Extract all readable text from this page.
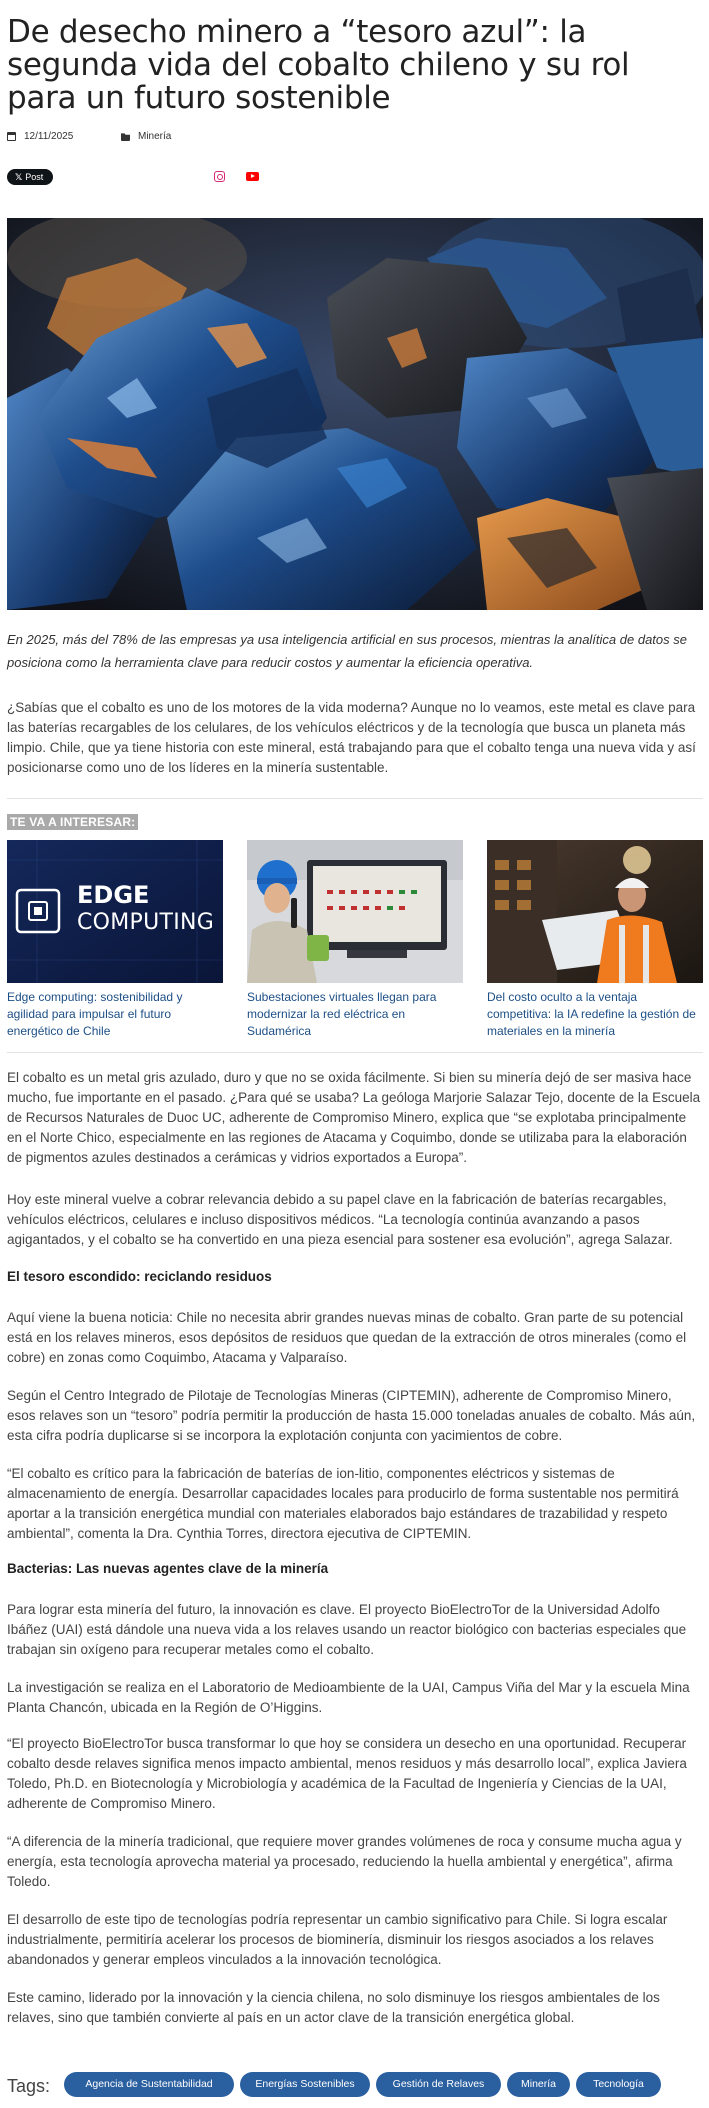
De desecho minero a “tesoro azul”: la segunda vida del cobalto chileno y su rol para un futuro sostenible
12/11/2025	Minería
𝕏 Post

En 2025, más del 78% de las empresas ya usa inteligencia artificial en sus procesos, mientras la analítica de datos se posiciona como la herramienta clave para reducir costos y aumentar la eficiencia operativa.

¿Sabías que el cobalto es uno de los motores de la vida moderna? Aunque no lo veamos, este metal es clave para las baterías recargables de los celulares, de los vehículos eléctricos y de la tecnología que busca un planeta más limpio. Chile, que ya tiene historia con este mineral, está trabajando para que el cobalto tenga una nueva vida y así posicionarse como uno de los líderes en la minería sustentable.

TE VA A INTERESAR:
EDGE
COMPUTING
Edge computing: sostenibilidad y agilidad para impulsar el futuro energético de Chile
Subestaciones virtuales llegan para modernizar la red eléctrica en Sudamérica
Del costo oculto a la ventaja competitiva: la IA redefine la gestión de materiales en la minería

El cobalto es un metal gris azulado, duro y que no se oxida fácilmente. Si bien su minería dejó de ser masiva hace mucho, fue importante en el pasado. ¿Para qué se usaba? La geóloga Marjorie Salazar Tejo, docente de la Escuela de Recursos Naturales de Duoc UC, adherente de Compromiso Minero, explica que “se explotaba principalmente en el Norte Chico, especialmente en las regiones de Atacama y Coquimbo, donde se utilizaba para la elaboración de pigmentos azules destinados a cerámicas y vidrios exportados a Europa”.

Hoy este mineral vuelve a cobrar relevancia debido a su papel clave en la fabricación de baterías recargables, vehículos eléctricos, celulares e incluso dispositivos médicos. “La tecnología continúa avanzando a pasos agigantados, y el cobalto se ha convertido en una pieza esencial para sostener esa evolución”, agrega Salazar.

El tesoro escondido: reciclando residuos

Aquí viene la buena noticia: Chile no necesita abrir grandes nuevas minas de cobalto. Gran parte de su potencial está en los relaves mineros, esos depósitos de residuos que quedan de la extracción de otros minerales (como el cobre) en zonas como Coquimbo, Atacama y Valparaíso.

Según el Centro Integrado de Pilotaje de Tecnologías Mineras (CIPTEMIN), adherente de Compromiso Minero, esos relaves son un “tesoro” podría permitir la producción de hasta 15.000 toneladas anuales de cobalto. Más aún, esta cifra podría duplicarse si se incorpora la explotación conjunta con yacimientos de cobre.

“El cobalto es crítico para la fabricación de baterías de ion-litio, componentes eléctricos y sistemas de almacenamiento de energía. Desarrollar capacidades locales para producirlo de forma sustentable nos permitirá aportar a la transición energética mundial con materiales elaborados bajo estándares de trazabilidad y respeto ambiental”, comenta la Dra. Cynthia Torres, directora ejecutiva de CIPTEMIN.

Bacterias: Las nuevas agentes clave de la minería

Para lograr esta minería del futuro, la innovación es clave. El proyecto BioElectroTor de la Universidad Adolfo Ibáñez (UAI) está dándole una nueva vida a los relaves usando un reactor biológico con bacterias especiales que trabajan sin oxígeno para recuperar metales como el cobalto.

La investigación se realiza en el Laboratorio de Medioambiente de la UAI, Campus Viña del Mar y la escuela Mina Planta Chancón, ubicada en la Región de O’Higgins.

“El proyecto BioElectroTor busca transformar lo que hoy se considera un desecho en una oportunidad. Recuperar cobalto desde relaves significa menos impacto ambiental, menos residuos y más desarrollo local”, explica Javiera Toledo, Ph.D. en Biotecnología y Microbiología y académica de la Facultad de Ingeniería y Ciencias de la UAI, adherente de Compromiso Minero.

“A diferencia de la minería tradicional, que requiere mover grandes volúmenes de roca y consume mucha agua y energía, esta tecnología aprovecha material ya procesado, reduciendo la huella ambiental y energética”, afirma Toledo.

El desarrollo de este tipo de tecnologías podría representar un cambio significativo para Chile. Si logra escalar industrialmente, permitiría acelerar los procesos de biominería, disminuir los riesgos asociados a los relaves abandonados y generar empleos vinculados a la innovación tecnológica.

Este camino, liderado por la innovación y la ciencia chilena, no solo disminuye los riesgos ambientales de los relaves, sino que también convierte al país en un actor clave de la transición energética global.

Tags:	Agencia de Sustentabilidad	Energías Sostenibles	Gestión de Relaves	Minería	Tecnología
